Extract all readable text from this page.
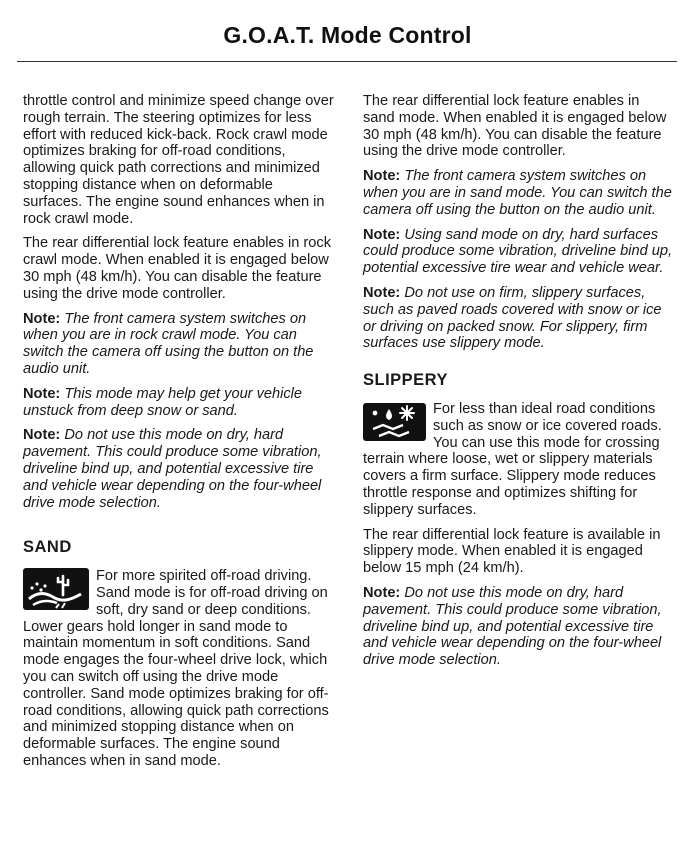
G.O.A.T. Mode Control

throttle control and minimize speed change over rough terrain. The steering optimizes for less effort with reduced kick-back. Rock crawl mode optimizes braking for off-road conditions, allowing quick path corrections and minimized stopping distance when on deformable surfaces. The engine sound enhances when in rock crawl mode.

The rear differential lock feature enables in rock crawl mode. When enabled it is engaged below 30 mph (48 km/h). You can disable the feature using the drive mode controller.

Note: The front camera system switches on when you are in rock crawl mode. You can switch the camera off using the button on the audio unit.

Note: This mode may help get your vehicle unstuck from deep snow or sand.

Note: Do not use this mode on dry, hard pavement. This could produce some vibration, driveline bind up, and potential excessive tire and vehicle wear depending on the four-wheel drive mode selection.

SAND

For more spirited off-road driving. Sand mode is for off-road driving on soft, dry sand or deep conditions. Lower gears hold longer in sand mode to maintain momentum in soft conditions. Sand mode engages the four-wheel drive lock, which you can switch off using the drive mode controller. Sand mode optimizes braking for off-road conditions, allowing quick path corrections and minimized stopping distance when on deformable surfaces. The engine sound enhances when in sand mode.

The rear differential lock feature enables in sand mode. When enabled it is engaged below 30 mph (48 km/h). You can disable the feature using the drive mode controller.

Note: The front camera system switches on when you are in sand mode. You can switch the camera off using the button on the audio unit.

Note: Using sand mode on dry, hard surfaces could produce some vibration, driveline bind up, potential excessive tire wear and vehicle wear.

Note: Do not use on firm, slippery surfaces, such as paved roads covered with snow or ice or driving on packed snow. For slippery, firm surfaces use slippery mode.

SLIPPERY

For less than ideal road conditions such as snow or ice covered roads. You can use this mode for crossing terrain where loose, wet or slippery materials covers a firm surface. Slippery mode reduces throttle response and optimizes shifting for slippery surfaces.

The rear differential lock feature is available in slippery mode. When enabled it is engaged below 15 mph (24 km/h).

Note: Do not use this mode on dry, hard pavement. This could produce some vibration, driveline bind up, and potential excessive tire and vehicle wear depending on the four-wheel drive mode selection.
